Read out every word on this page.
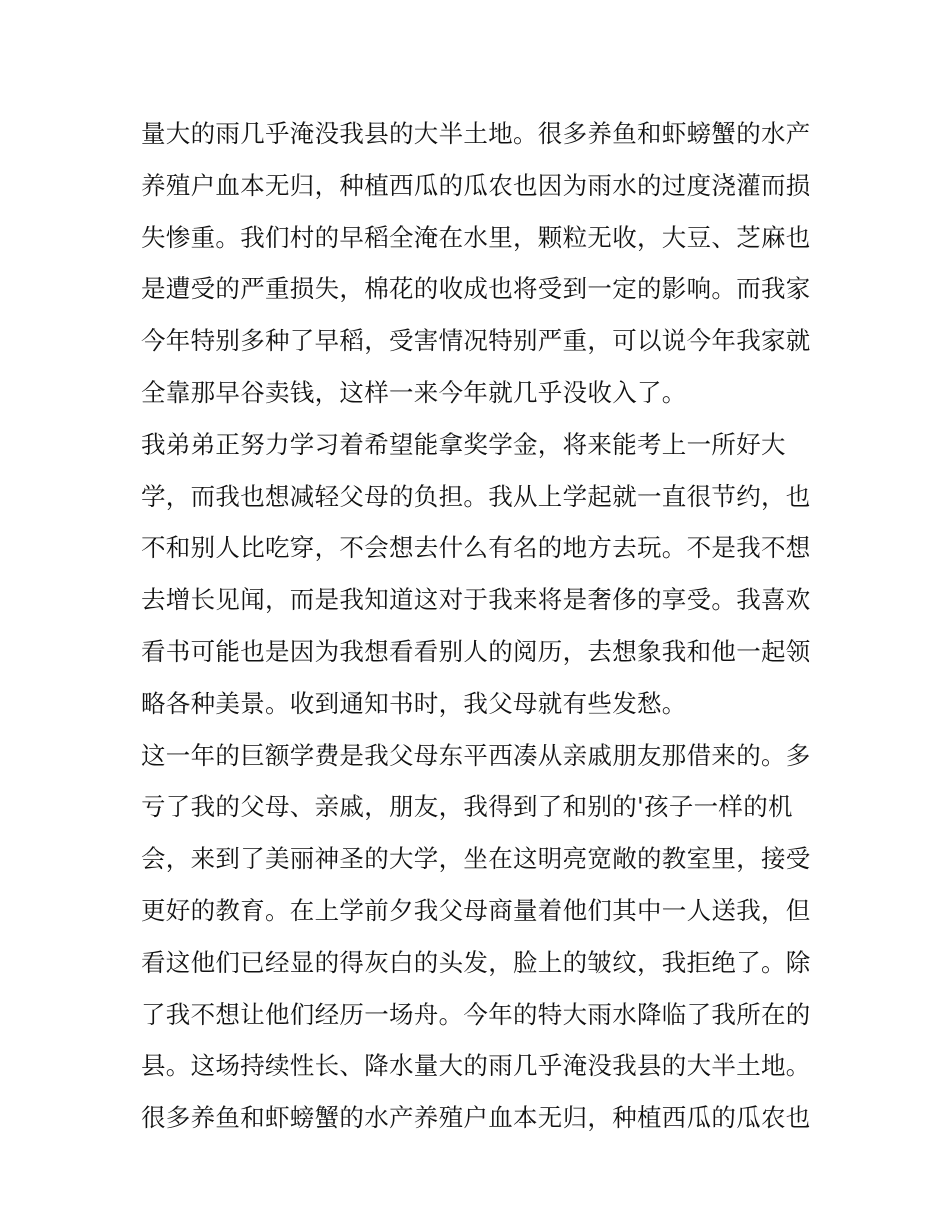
量大的雨几乎淹没我县的大半土地。很多养鱼和虾螃蟹的水产
养殖户血本无归，种植西瓜的瓜农也因为雨水的过度浇灌而损
失惨重。我们村的早稻全淹在水里，颗粒无收，大豆、芝麻也
是遭受的严重损失，棉花的收成也将受到一定的影响。而我家
今年特别多种了早稻，受害情况特别严重，可以说今年我家就
全靠那早谷卖钱，这样一来今年就几乎没收入了。
我弟弟正努力学习着希望能拿奖学金，将来能考上一所好大
学，而我也想减轻父母的负担。我从上学起就一直很节约，也
不和别人比吃穿，不会想去什么有名的地方去玩。不是我不想
去增长见闻，而是我知道这对于我来将是奢侈的享受。我喜欢
看书可能也是因为我想看看别人的阅历，去想象我和他一起领
略各种美景。收到通知书时，我父母就有些发愁。
这一年的巨额学费是我父母东平西凑从亲戚朋友那借来的。多
亏了我的父母、亲戚，朋友，我得到了和别的'孩子一样的机
会，来到了美丽神圣的大学，坐在这明亮宽敞的教室里，接受
更好的教育。在上学前夕我父母商量着他们其中一人送我，但
看这他们已经显的得灰白的头发，脸上的皱纹，我拒绝了。除
了我不想让他们经历一场舟。今年的特大雨水降临了我所在的
县。这场持续性长、降水量大的雨几乎淹没我县的大半土地。
很多养鱼和虾螃蟹的水产养殖户血本无归，种植西瓜的瓜农也
